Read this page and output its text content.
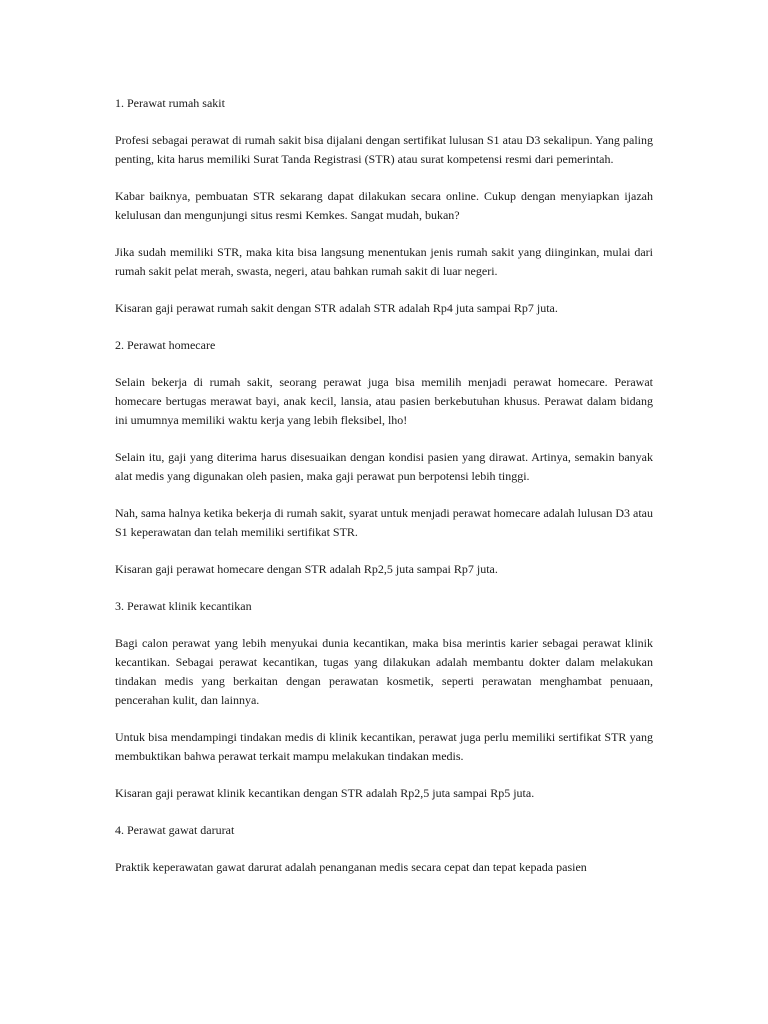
1. Perawat rumah sakit

Profesi sebagai perawat di rumah sakit bisa dijalani dengan sertifikat lulusan S1 atau D3 sekalipun. Yang paling penting, kita harus memiliki Surat Tanda Registrasi (STR) atau surat kompetensi resmi dari pemerintah.

Kabar baiknya, pembuatan STR sekarang dapat dilakukan secara online. Cukup dengan menyiapkan ijazah kelulusan dan mengunjungi situs resmi Kemkes. Sangat mudah, bukan?

Jika sudah memiliki STR, maka kita bisa langsung menentukan jenis rumah sakit yang diinginkan, mulai dari rumah sakit pelat merah, swasta, negeri, atau bahkan rumah sakit di luar negeri.

Kisaran gaji perawat rumah sakit dengan STR adalah STR adalah Rp4 juta sampai Rp7 juta.

2. Perawat homecare

Selain bekerja di rumah sakit, seorang perawat juga bisa memilih menjadi perawat homecare. Perawat homecare bertugas merawat bayi, anak kecil, lansia, atau pasien berkebutuhan khusus. Perawat dalam bidang ini umumnya memiliki waktu kerja yang lebih fleksibel, lho!

Selain itu, gaji yang diterima harus disesuaikan dengan kondisi pasien yang dirawat. Artinya, semakin banyak alat medis yang digunakan oleh pasien, maka gaji perawat pun berpotensi lebih tinggi.

Nah, sama halnya ketika bekerja di rumah sakit, syarat untuk menjadi perawat homecare adalah lulusan D3 atau S1 keperawatan dan telah memiliki sertifikat STR.

Kisaran gaji perawat homecare dengan STR adalah Rp2,5 juta sampai Rp7 juta.

3. Perawat klinik kecantikan

Bagi calon perawat yang lebih menyukai dunia kecantikan, maka bisa merintis karier sebagai perawat klinik kecantikan. Sebagai perawat kecantikan, tugas yang dilakukan adalah membantu dokter dalam melakukan tindakan medis yang berkaitan dengan perawatan kosmetik, seperti perawatan menghambat penuaan, pencerahan kulit, dan lainnya.

Untuk bisa mendampingi tindakan medis di klinik kecantikan, perawat juga perlu memiliki sertifikat STR yang membuktikan bahwa perawat terkait mampu melakukan tindakan medis.

Kisaran gaji perawat klinik kecantikan dengan STR adalah Rp2,5 juta sampai Rp5 juta.

4. Perawat gawat darurat

Praktik keperawatan gawat darurat adalah penanganan medis secara cepat dan tepat kepada pasien
